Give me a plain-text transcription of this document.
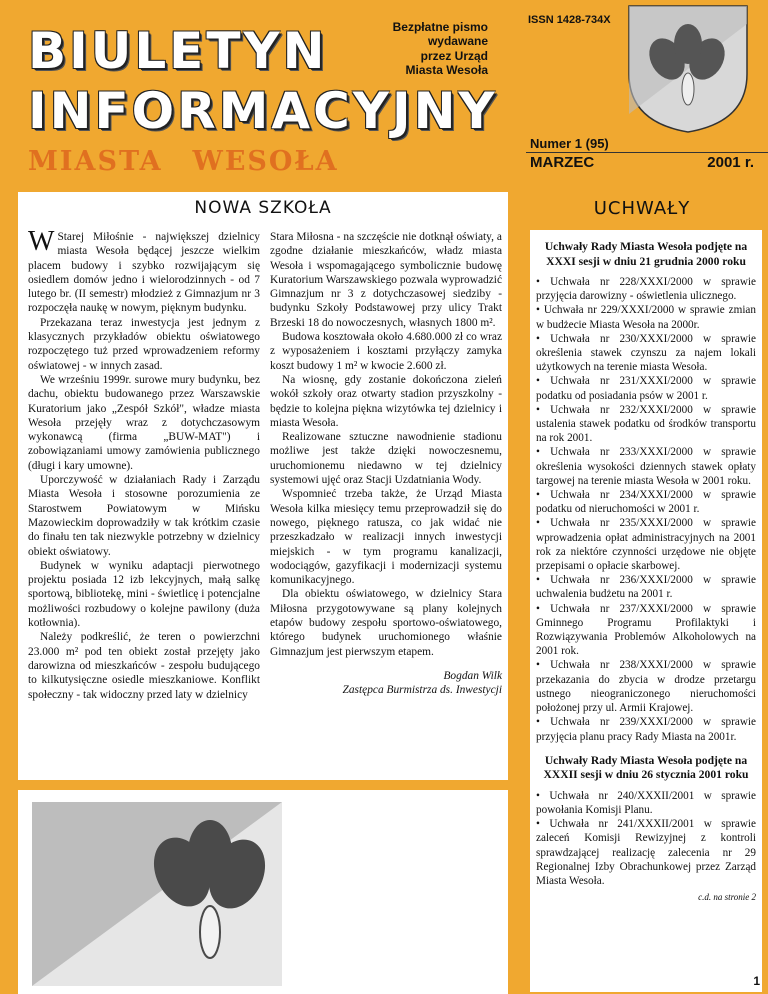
BIULETYN
INFORMACYJNY
MIASTA WESOŁA
Bezpłatne pismo
wydawane
przez Urząd
Miasta Wesoła
ISSN 1428-734X
Numer 1 (95)
MARZEC	2001 r.
NOWA SZKOŁA

W Starej Miłośnie - największej dzielnicy miasta Wesoła będącej jeszcze wielkim placem budowy i szybko rozwijającym się osiedlem domów jedno i wielorodzinnych - od 7 lutego br. (II semestr) młodzież z Gimnazjum nr 3 rozpoczęła naukę w nowym, pięknym budynku.

Przekazana teraz inwestycja jest jednym z klasycznych przykładów obiektu oświatowego rozpoczętego tuż przed wprowadzeniem reformy oświatowej - w innych zasad.

We wrześniu 1999r. surowe mury budynku, bez dachu, obiektu budowanego przez Warszawskie Kuratorium jako „Zespół Szkół", władze miasta Wesoła przejęły wraz z dotychczasowym wykonawcą (firma „BUW-MAT") i zobowiązaniami umowy zamówienia publicznego (długi i kary umowne).

Uporczywość w działaniach Rady i Zarządu Miasta Wesoła i stosowne porozumienia ze Starostwem Powiatowym w Mińsku Mazowieckim doprowadziły w tak krótkim czasie do finału ten tak niezwykle potrzebny w dzielnicy obiekt oświatowy.

Budynek w wyniku adaptacji pierwotnego projektu posiada 12 izb lekcyjnych, małą salkę sportową, bibliotekę, mini - świetlicę i potencjalne możliwości rozbudowy o kolejne pawilony (duża kotłownia).

Należy podkreślić, że teren o powierzchni 23.000 m² pod ten obiekt został przejęty jako darowizna od mieszkańców - zespołu budującego to kilkutysięczne osiedle mieszkaniowe. Konflikt społeczny - tak widoczny przed laty w dzielnicy

Stara Miłosna - na szczęście nie dotknął oświaty, a zgodne działanie mieszkańców, władz miasta Wesoła i wspomagającego symbolicznie budowę Kuratorium Warszawskiego pozwala wyprowadzić Gimnazjum nr 3 z dotychczasowej siedziby - budynku Szkoły Podstawowej przy ulicy Trakt Brzeski 18 do nowoczesnych, własnych 1800 m².

Budowa kosztowała około 4.680.000 zł co wraz z wyposażeniem i kosztami przyłączy zamyka koszt budowy 1 m² w kwocie 2.600 zł.

Na wiosnę, gdy zostanie dokończona zieleń wokół szkoły oraz otwarty stadion przyszkolny - będzie to kolejna piękna wizytówka tej dzielnicy i miasta Wesoła.

Realizowane sztuczne nawodnienie stadionu możliwe jest także dzięki nowoczesnemu, uruchomionemu niedawno w tej dzielnicy systemowi ujęć oraz Stacji Uzdatniania Wody.

Wspomnieć trzeba także, że Urząd Miasta Wesoła kilka miesięcy temu przeprowadził się do nowego, pięknego ratusza, co jak widać nie przeszkadzało w realizacji innych inwestycji miejskich - w tym programu kanalizacji, wodociągów, gazyfikacji i modernizacji systemu komunikacyjnego.

Dla obiektu oświatowego, w dzielnicy Stara Miłosna przygotowywane są plany kolejnych etapów budowy zespołu sportowo-oświatowego, którego budynek uruchomionego właśnie Gimnazjum jest pierwszym etapem.

Bogdan Wilk
Zastępca Burmistrza ds. Inwestycji
UCHWAŁY
Uchwały Rady Miasta Wesoła podjęte na XXXI sesji w dniu 21 grudnia 2000 roku
• Uchwała nr 228/XXXI/2000 w sprawie przyjęcia darowizny - oświetlenia ulicznego.
• Uchwała nr 229/XXXI/2000 w sprawie zmian w budżecie Miasta Wesoła na 2000r.
• Uchwała nr 230/XXXI/2000 w sprawie określenia stawek czynszu za najem lokali użytkowych na terenie miasta Wesoła.
• Uchwała nr 231/XXXI/2000 w sprawie podatku od posiadania psów w 2001 r.
• Uchwała nr 232/XXXI/2000 w sprawie ustalenia stawek podatku od środków transportu na rok 2001.
• Uchwała nr 233/XXXI/2000 w sprawie określenia wysokości dziennych stawek opłaty targowej na terenie miasta Wesoła w 2001 roku.
• Uchwała nr 234/XXXI/2000 w sprawie podatku od nieruchomości w 2001 r.
• Uchwała nr 235/XXXI/2000 w sprawie wprowadzenia opłat administracyjnych na 2001 rok za niektóre czynności urzędowe nie objęte przepisami o opłacie skarbowej.
• Uchwała nr 236/XXXI/2000 w sprawie uchwalenia budżetu na 2001 r.
• Uchwała nr 237/XXXI/2000 w sprawie Gminnego Programu Profilaktyki i Rozwiązywania Problemów Alkoholowych na 2001 rok.
• Uchwała nr 238/XXXI/2000 w sprawie przekazania do zbycia w drodze przetargu ustnego nieograniczonego nieruchomości położonej przy ul. Armii Krajowej.
• Uchwała nr 239/XXXI/2000 w sprawie przyjęcia planu pracy Rady Miasta na 2001r.
Uchwały Rady Miasta Wesoła podjęte na XXXII sesji w dniu 26 stycznia 2001 roku
• Uchwała nr 240/XXXII/2001 w sprawie powołania Komisji Planu.
• Uchwała nr 241/XXXII/2001 w sprawie zaleceń Komisji Rewizyjnej z kontroli sprawdzającej realizację zalecenia nr 29 Regionalnej Izby Obrachunkowej przez Zarząd Miasta Wesoła.
c.d. na stronie 2
1
